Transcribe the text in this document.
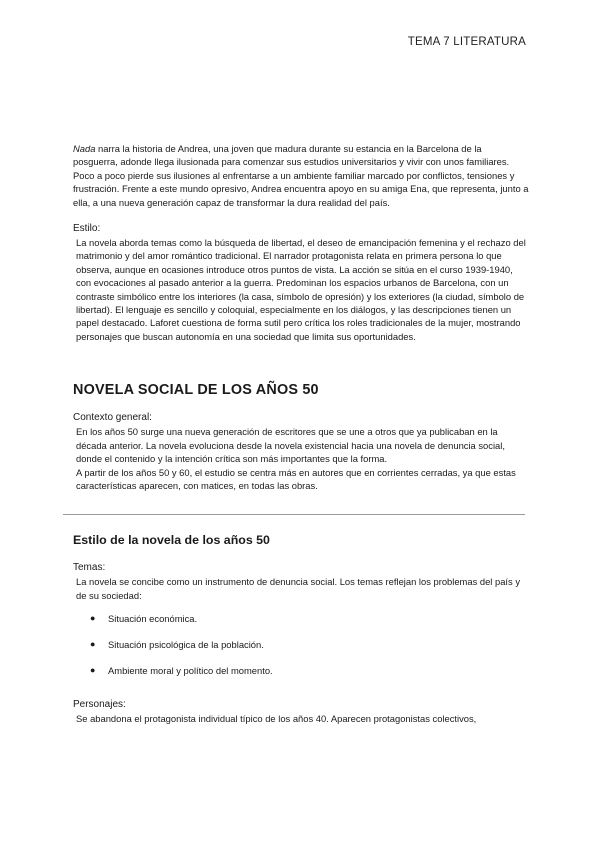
TEMA 7 LITERATURA

Nada narra la historia de Andrea, una joven que madura durante su estancia en la Barcelona de la posguerra, adonde llega ilusionada para comenzar sus estudios universitarios y vivir con unos familiares. Poco a poco pierde sus ilusiones al enfrentarse a un ambiente familiar marcado por conflictos, tensiones y frustración. Frente a este mundo opresivo, Andrea encuentra apoyo en su amiga Ena, que representa, junto a ella, a una nueva generación capaz de transformar la dura realidad del país.

Estilo:

La novela aborda temas como la búsqueda de libertad, el deseo de emancipación femenina y el rechazo del matrimonio y del amor romántico tradicional. El narrador protagonista relata en primera persona lo que observa, aunque en ocasiones introduce otros puntos de vista. La acción se sitúa en el curso 1939-1940, con evocaciones al pasado anterior a la guerra. Predominan los espacios urbanos de Barcelona, con un contraste simbólico entre los interiores (la casa, símbolo de opresión) y los exteriores (la ciudad, símbolo de libertad). El lenguaje es sencillo y coloquial, especialmente en los diálogos, y las descripciones tienen un papel destacado. Laforet cuestiona de forma sutil pero crítica los roles tradicionales de la mujer, mostrando personajes que buscan autonomía en una sociedad que limita sus oportunidades.

NOVELA SOCIAL DE LOS AÑOS 50

Contexto general:

En los años 50 surge una nueva generación de escritores que se une a otros que ya publicaban en la década anterior. La novela evoluciona desde la novela existencial hacia una novela de denuncia social, donde el contenido y la intención crítica son más importantes que la forma.

A partir de los años 50 y 60, el estudio se centra más en autores que en corrientes cerradas, ya que estas características aparecen, con matices, en todas las obras.

Estilo de la novela de los años 50

Temas:

La novela se concibe como un instrumento de denuncia social. Los temas reflejan los problemas del país y de su sociedad:

● Situación económica.
● Situación psicológica de la población.
● Ambiente moral y político del momento.

Personajes:

Se abandona el protagonista individual típico de los años 40. Aparecen protagonistas colectivos,
